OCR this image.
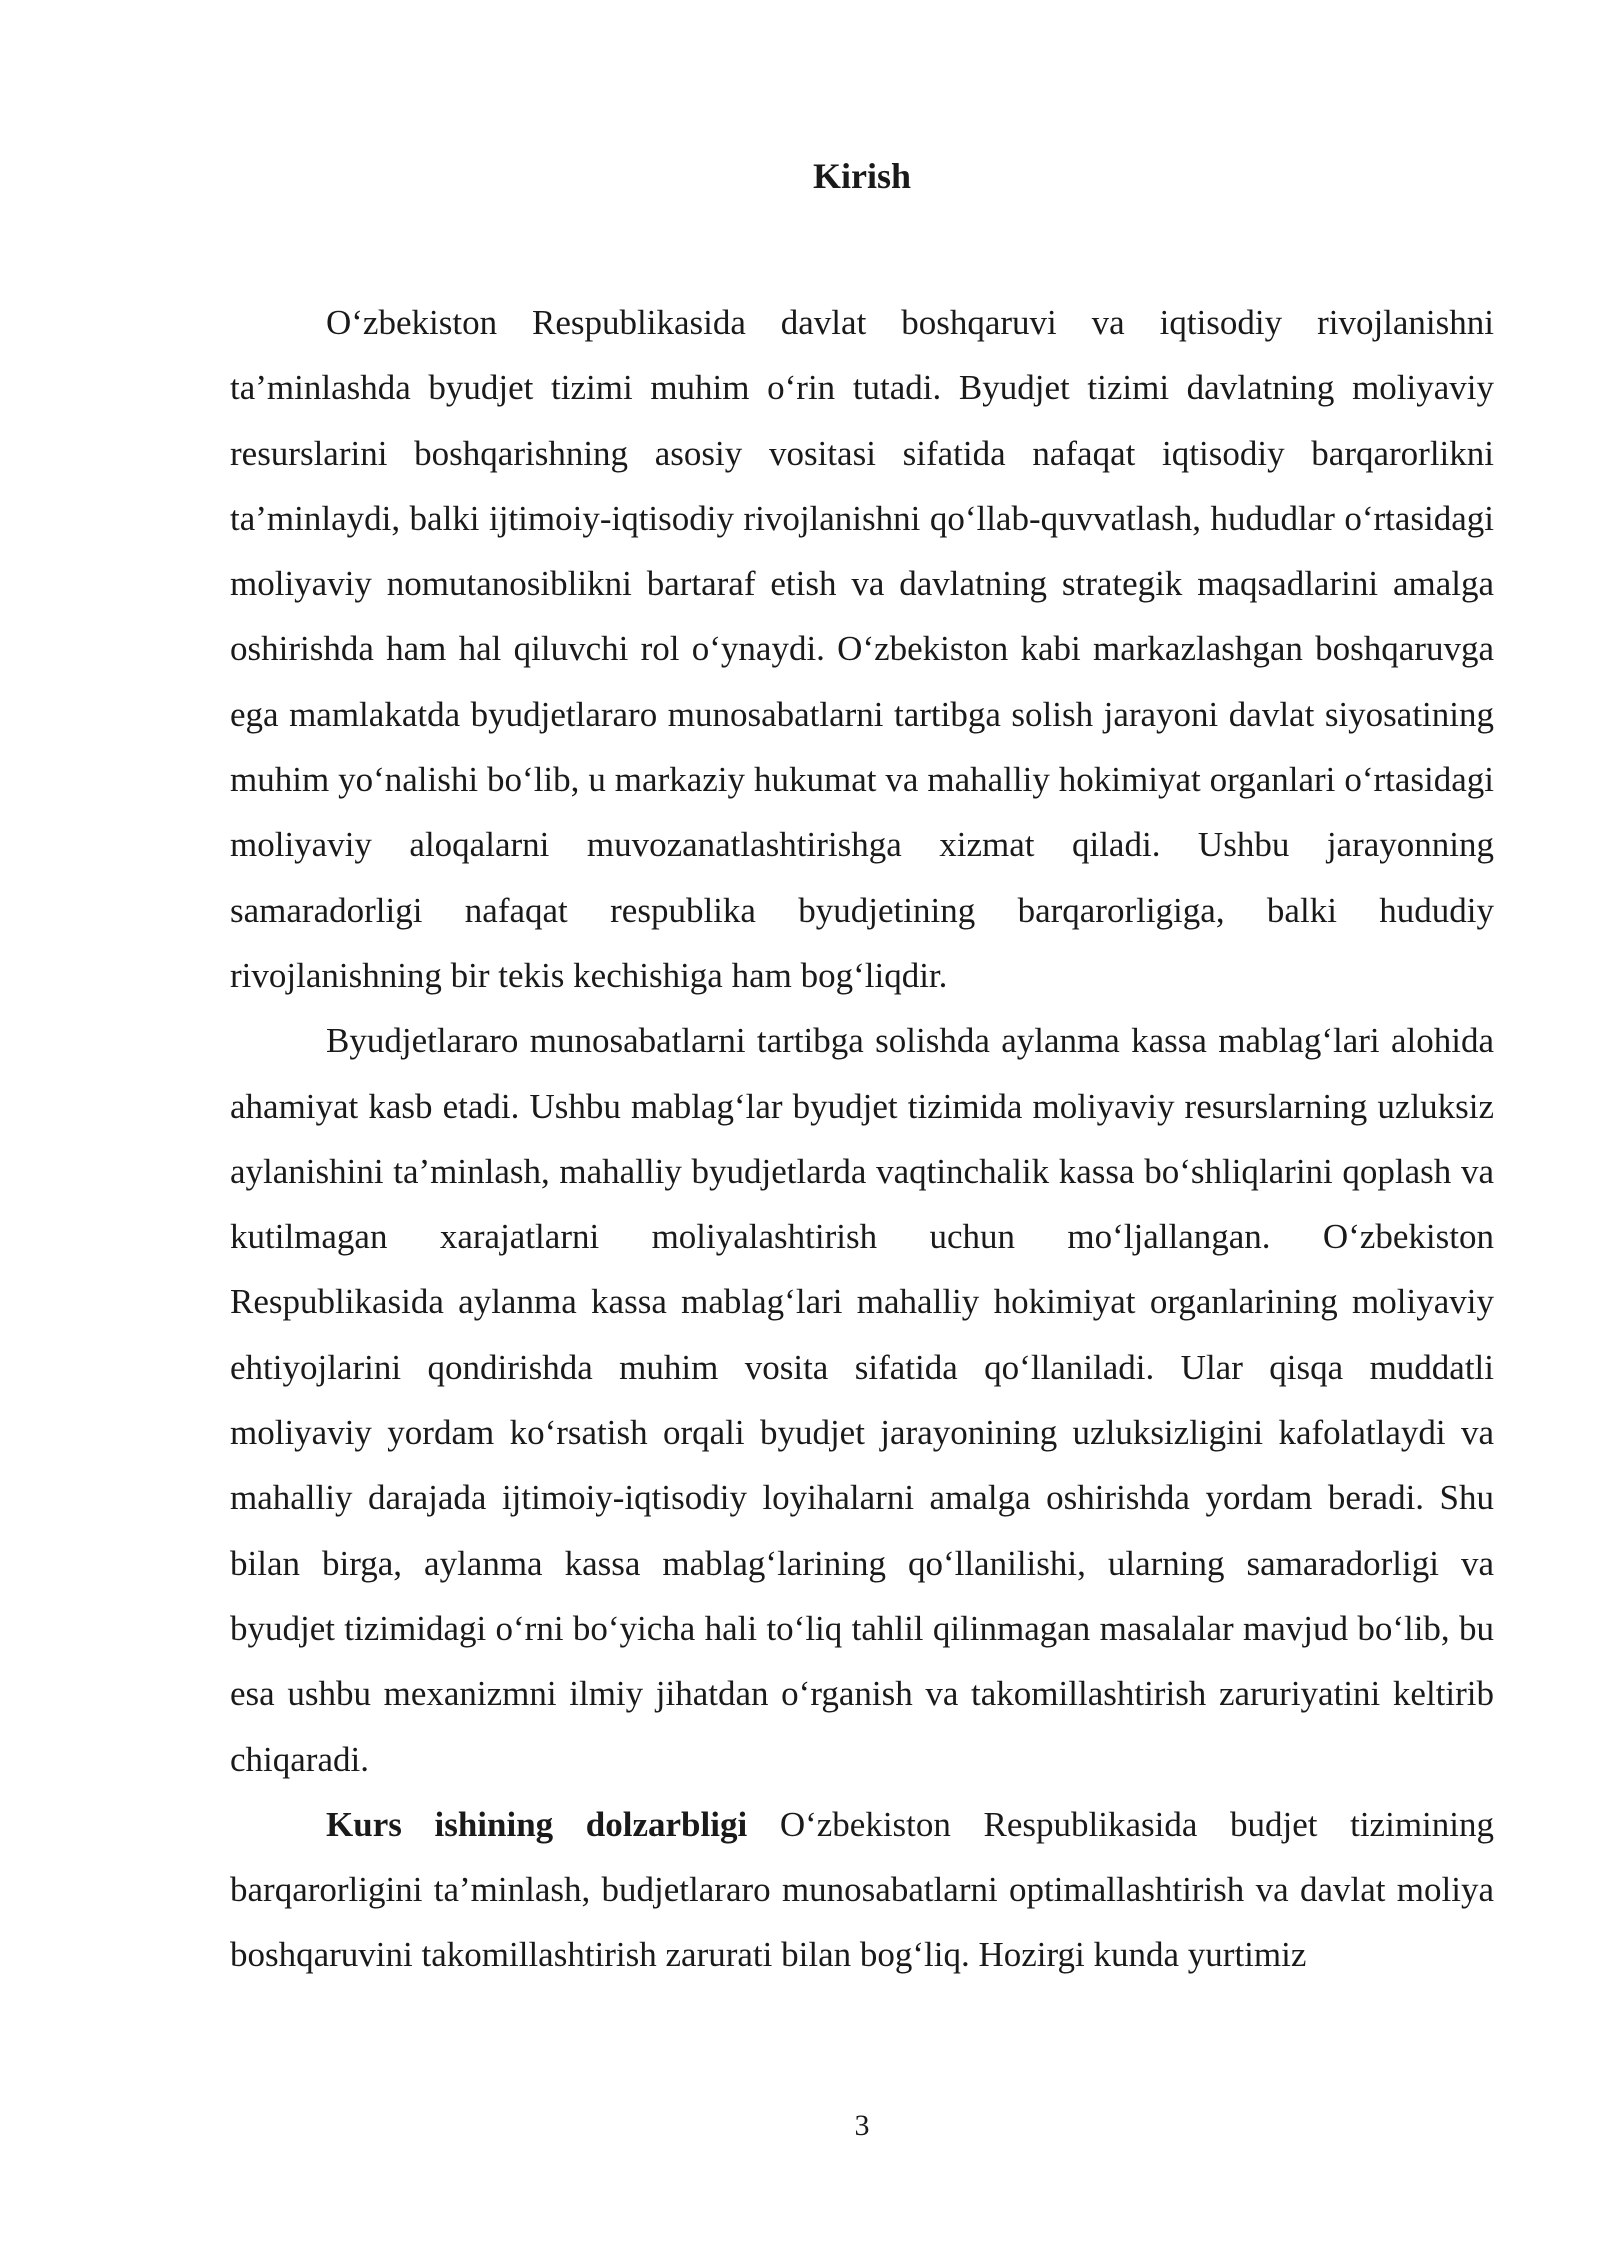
Kirish

O‘zbekiston Respublikasida davlat boshqaruvi va iqtisodiy rivojlanishni ta’minlashda byudjet tizimi muhim o‘rin tutadi. Byudjet tizimi davlatning moliyaviy resurslarini boshqarishning asosiy vositasi sifatida nafaqat iqtisodiy barqarorlikni ta’minlaydi, balki ijtimoiy-iqtisodiy rivojlanishni qo‘llab-quvvatlash, hududlar o‘rtasidagi moliyaviy nomutanosiblikni bartaraf etish va davlatning strategik maqsadlarini amalga oshirishda ham hal qiluvchi rol o‘ynaydi. O‘zbekiston kabi markazlashgan boshqaruvga ega mamlakatda byudjetlararo munosabatlarni tartibga solish jarayoni davlat siyosatining muhim yo‘nalishi bo‘lib, u markaziy hukumat va mahalliy hokimiyat organlari o‘rtasidagi moliyaviy aloqalarni muvozanatlashtirishga xizmat qiladi. Ushbu jarayonning samaradorligi nafaqat respublika byudjetining barqarorligiga, balki hududiy rivojlanishning bir tekis kechishiga ham bog‘liqdir.

Byudjetlararo munosabatlarni tartibga solishda aylanma kassa mablag‘lari alohida ahamiyat kasb etadi. Ushbu mablag‘lar byudjet tizimida moliyaviy resurslarning uzluksiz aylanishini ta’minlash, mahalliy byudjetlarda vaqtinchalik kassa bo‘shliqlarini qoplash va kutilmagan xarajatlarni moliyalashtirish uchun mo‘ljallangan. O‘zbekiston Respublikasida aylanma kassa mablag‘lari mahalliy hokimiyat organlarining moliyaviy ehtiyojlarini qondirishda muhim vosita sifatida qo‘llaniladi. Ular qisqa muddatli moliyaviy yordam ko‘rsatish orqali byudjet jarayonining uzluksizligini kafolatlaydi va mahalliy darajada ijtimoiy-iqtisodiy loyihalarni amalga oshirishda yordam beradi. Shu bilan birga, aylanma kassa mablag‘larining qo‘llanilishi, ularning samaradorligi va byudjet tizimidagi o‘rni bo‘yicha hali to‘liq tahlil qilinmagan masalalar mavjud bo‘lib, bu esa ushbu mexanizmni ilmiy jihatdan o‘rganish va takomillashtirish zaruriyatini keltirib chiqaradi.

Kurs ishining dolzarbligi O‘zbekiston Respublikasida budjet tizimining barqarorligini ta’minlash, budjetlararo munosabatlarni optimallashtirish va davlat moliya boshqaruvini takomillashtirish zarurati bilan bog‘liq. Hozirgi kunda yurtimiz

3
